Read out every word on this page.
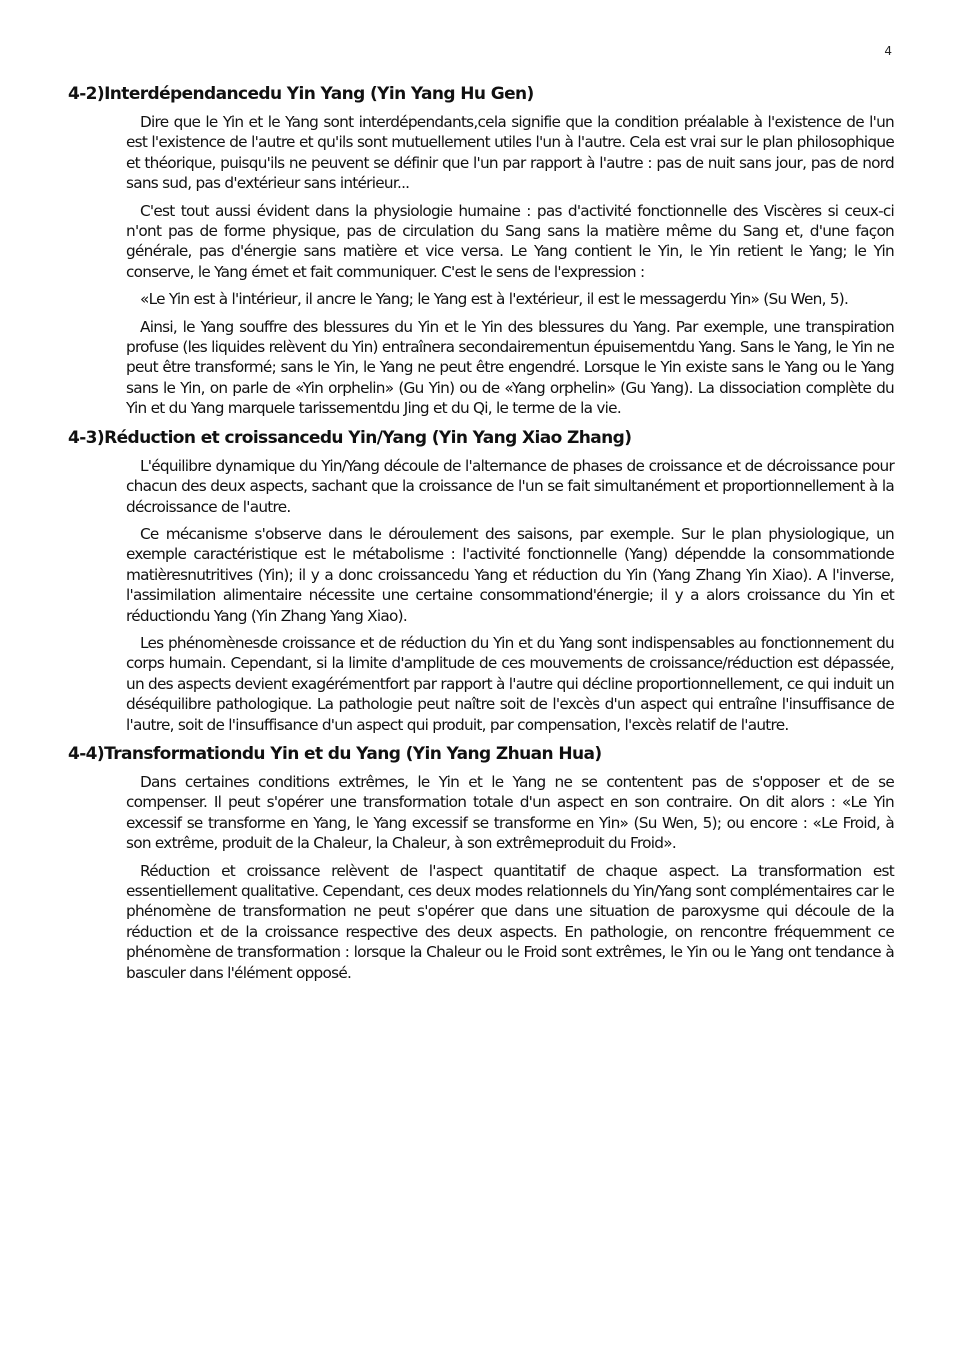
4
4-2)Interdépendancedu Yin Yang (Yin Yang Hu Gen)

Dire que le Yin et le Yang sont interdépendants,cela signifie que la condition préalable à l'existence de l'un est l'existence de l'autre et qu'ils sont mutuellement utiles l'un à l'autre. Cela est vrai sur le plan philosophique et théorique, puisqu'ils ne peuvent se définir que l'un par rapport à l'autre : pas de nuit sans jour, pas de nord sans sud, pas d'extérieur sans intérieur...

C'est tout aussi évident dans la physiologie humaine : pas d'activité fonctionnelle des Viscères si ceux-ci n'ont pas de forme physique, pas de circulation du Sang sans la matière même du Sang et, d'une façon générale, pas d'énergie sans matière et vice versa. Le Yang contient le Yin, le Yin retient le Yang; le Yin conserve, le Yang émet et fait communiquer. C'est le sens de l'expression :

«Le Yin est à l'intérieur, il ancre le Yang; le Yang est à l'extérieur, il est le messagerdu Yin» (Su Wen, 5).

Ainsi, le Yang souffre des blessures du Yin et le Yin des blessures du Yang. Par exemple, une transpiration profuse (les liquides relèvent du Yin) entraînera secondairementun épuisementdu Yang. Sans le Yang, le Yin ne peut être transformé; sans le Yin, le Yang ne peut être engendré. Lorsque le Yin existe sans le Yang ou le Yang sans le Yin, on parle de «Yin orphelin» (Gu Yin) ou de «Yang orphelin» (Gu Yang). La dissociation complète du Yin et du Yang marquele tarissementdu Jing et du Qi, le terme de la vie.

4-3)Réduction et croissancedu Yin/Yang (Yin Yang Xiao Zhang)

L'équilibre dynamique du Yin/Yang découle de l'alternance de phases de croissance et de décroissance pour chacun des deux aspects, sachant que la croissance de l'un se fait simultanément et proportionnellement à la décroissance de l'autre.

Ce mécanisme s'observe dans le déroulement des saisons, par exemple. Sur le plan physiologique, un exemple caractéristique est le métabolisme : l'activité fonctionnelle (Yang) dépendde la consommationde matièresnutritives (Yin); il y a donc croissancedu Yang et réduction du Yin (Yang Zhang Yin Xiao). A l'inverse, l'assimilation alimentaire nécessite une certaine consommationd'énergie; il y a alors croissance du Yin et réductiondu Yang (Yin Zhang Yang Xiao).

Les phénomènesde croissance et de réduction du Yin et du Yang sont indispensables au fonctionnement du corps humain. Cependant, si la limite d'amplitude de ces mouvements de croissance/réduction est dépassée, un des aspects devient exagérémentfort par rapport à l'autre qui décline proportionnellement, ce qui induit un déséquilibre pathologique. La pathologie peut naître soit de l'excès d'un aspect qui entraîne l'insuffisance de l'autre, soit de l'insuffisance d'un aspect qui produit, par compensation, l'excès relatif de l'autre.

4-4)Transformationdu Yin et du Yang (Yin Yang Zhuan Hua)

Dans certaines conditions extrêmes, le Yin et le Yang ne se contentent pas de s'opposer et de se compenser. Il peut s'opérer une transformation totale d'un aspect en son contraire. On dit alors : «Le Yin excessif se transforme en Yang, le Yang excessif se transforme en Yin» (Su Wen, 5); ou encore : «Le Froid, à son extrême, produit de la Chaleur, la Chaleur, à son extrêmeproduit du Froid».

Réduction et croissance relèvent de l'aspect quantitatif de chaque aspect. La transformation est essentiellement qualitative. Cependant, ces deux modes relationnels du Yin/Yang sont complémentaires car le phénomène de transformation ne peut s'opérer que dans une situation de paroxysme qui découle de la réduction et de la croissance respective des deux aspects. En pathologie, on rencontre fréquemment ce phénomène de transformation : lorsque la Chaleur ou le Froid sont extrêmes, le Yin ou le Yang ont tendance à basculer dans l'élément opposé.
